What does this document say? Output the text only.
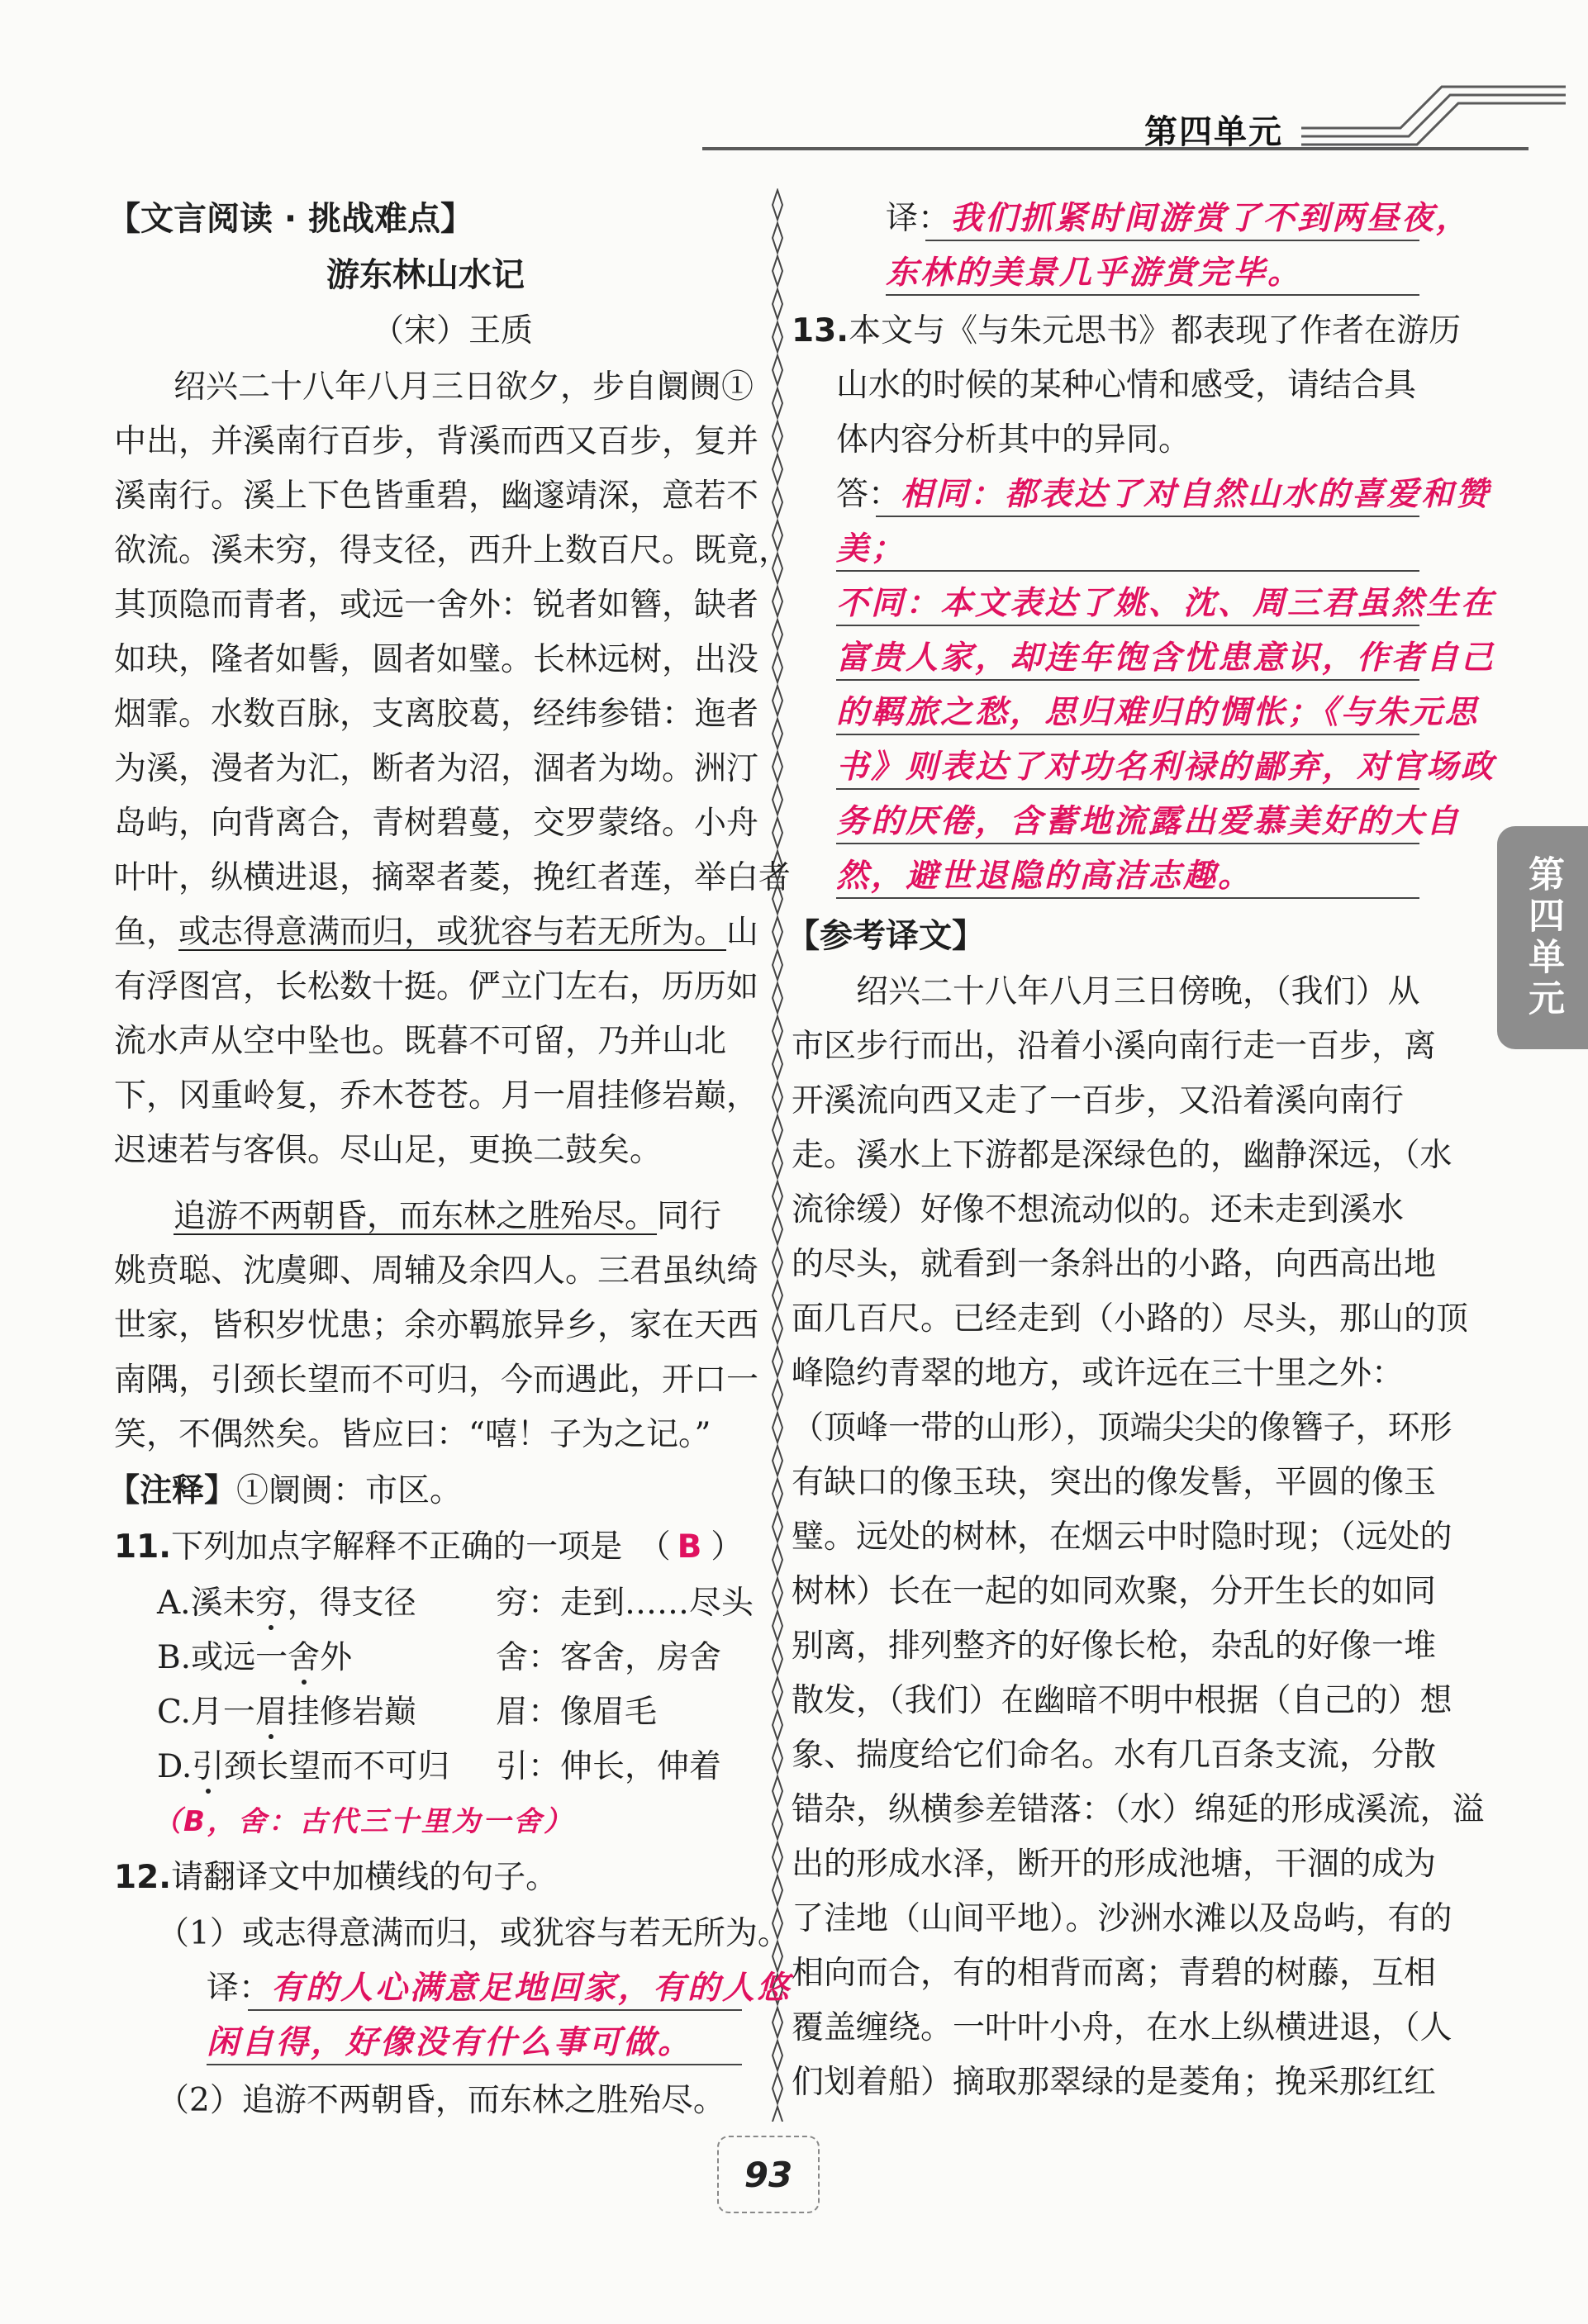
第四单元
第四单元
【文言阅读 · 挑战难点】
游东林山水记
（宋）王质
绍兴二十八年八月三日欲夕，步自阛阓①
中出，并溪南行百步，背溪而西又百步，复并
溪南行。溪上下色皆重碧，幽邃靖深，意若不
欲流。溪未穷，得支径，西升上数百尺。既竟，
其顶隐而青者，或远一舍外：锐者如簪，缺者
如玦，隆者如髻，圆者如璧。长林远树，出没
烟霏。水数百脉，支离胶葛，经纬参错：迤者
为溪，漫者为汇，断者为沼，涸者为坳。洲汀
岛屿，向背离合，青树碧蔓，交罗蒙络。小舟
叶叶，纵横进退，摘翠者菱，挽红者莲，举白者
鱼，或志得意满而归，或犹容与若无所为。山
有浮图宫，长松数十挺。俨立门左右，历历如
流水声从空中坠也。既暮不可留，乃并山北
下，冈重岭复，乔木苍苍。月一眉挂修岩巅，
迟速若与客俱。尽山足，更换二鼓矣。
追游不两朝昏，而东林之胜殆尽。同行
姚贲聪、沈虞卿、周辅及余四人。三君虽纨绮
世家，皆积岁忧患；余亦羁旅异乡，家在天西
南隅，引颈长望而不可归，今而遇此，开口一
笑，不偶然矣。皆应曰：“嘻！子为之记。”
【注释】①阛阓：市区。
11.下列加点字解释不正确的一项是　（ B ）
A.溪未穷，得支径 穷：走到……尽头
B.或远一舍外	舍：客舍，房舍
C.月一眉挂修岩巅 眉：像眉毛
D.引颈长望而不可归 引：伸长，伸着
（B，舍：古代三十里为一舍）
12.请翻译文中加横线的句子。
（1）或志得意满而归，或犹容与若无所为。
译：有的人心满意足地回家，有的人悠
闲自得，好像没有什么事可做。
（2）追游不两朝昏，而东林之胜殆尽。
译：我们抓紧时间游赏了不到两昼夜，
东林的美景几乎游赏完毕。
13.本文与《与朱元思书》都表现了作者在游历
山水的时候的某种心情和感受，请结合具
体内容分析其中的异同。
答：相同：都表达了对自然山水的喜爱和赞
美；
不同：本文表达了姚、沈、周三君虽然生在
富贵人家，却连年饱含忧患意识，作者自己
的羁旅之愁，思归难归的惆怅；《与朱元思
书》则表达了对功名利禄的鄙弃，对官场政
务的厌倦，含蓄地流露出爱慕美好的大自
然，避世退隐的高洁志趣。
【参考译文】
　　绍兴二十八年八月三日傍晚，（我们）从
市区步行而出，沿着小溪向南行走一百步，离
开溪流向西又走了一百步，又沿着溪向南行
走。溪水上下游都是深绿色的，幽静深远，（水
流徐缓）好像不想流动似的。还未走到溪水
的尽头，就看到一条斜出的小路，向西高出地
面几百尺。已经走到（小路的）尽头，那山的顶
峰隐约青翠的地方，或许远在三十里之外：
（顶峰一带的山形），顶端尖尖的像簪子，环形
有缺口的像玉玦，突出的像发髻，平圆的像玉
璧。远处的树林，在烟云中时隐时现；（远处的
树林）长在一起的如同欢聚，分开生长的如同
别离，排列整齐的好像长枪，杂乱的好像一堆
散发，（我们）在幽暗不明中根据（自己的）想
象、揣度给它们命名。水有几百条支流，分散
错杂，纵横参差错落：（水）绵延的形成溪流，溢
出的形成水泽，断开的形成池塘，干涸的成为
了洼地（山间平地）。沙洲水滩以及岛屿，有的
相向而合，有的相背而离；青碧的树藤，互相
覆盖缠绕。一叶叶小舟，在水上纵横进退，（人
们划着船）摘取那翠绿的是菱角；挽采那红红
93
